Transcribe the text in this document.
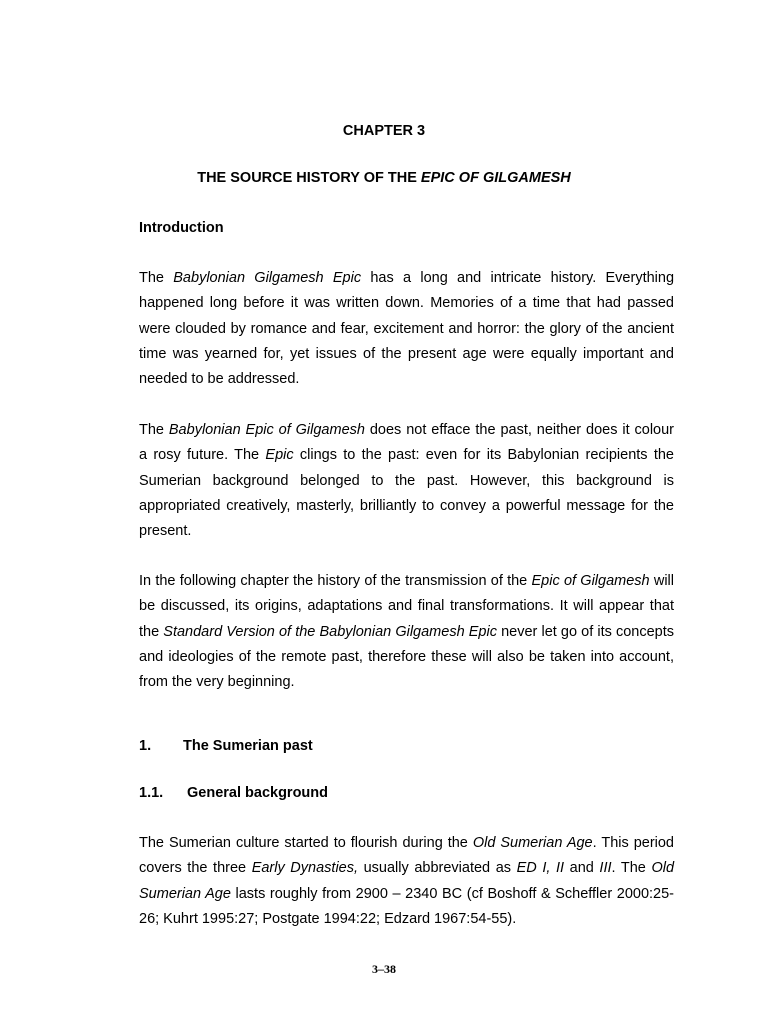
CHAPTER 3
THE SOURCE HISTORY OF THE EPIC OF GILGAMESH
Introduction

The Babylonian Gilgamesh Epic has a long and intricate history. Everything happened long before it was written down. Memories of a time that had passed were clouded by romance and fear, excitement and horror: the glory of the ancient time was yearned for, yet issues of the present age were equally important and needed to be addressed.

The Babylonian Epic of Gilgamesh does not efface the past, neither does it colour a rosy future. The Epic clings to the past: even for its Babylonian recipients the Sumerian background belonged to the past. However, this background is appropriated creatively, masterly, brilliantly to convey a powerful message for the present.

In the following chapter the history of the transmission of the Epic of Gilgamesh will be discussed, its origins, adaptations and final transformations. It will appear that the Standard Version of the Babylonian Gilgamesh Epic never let go of its concepts and ideologies of the remote past, therefore these will also be taken into account, from the very beginning.

1. The Sumerian past
1.1. General background

The Sumerian culture started to flourish during the Old Sumerian Age. This period covers the three Early Dynasties, usually abbreviated as ED I, II and III. The Old Sumerian Age lasts roughly from 2900 – 2340 BC (cf Boshoff & Scheffler 2000:25-26; Kuhrt 1995:27; Postgate 1994:22; Edzard 1967:54-55).

3–38
